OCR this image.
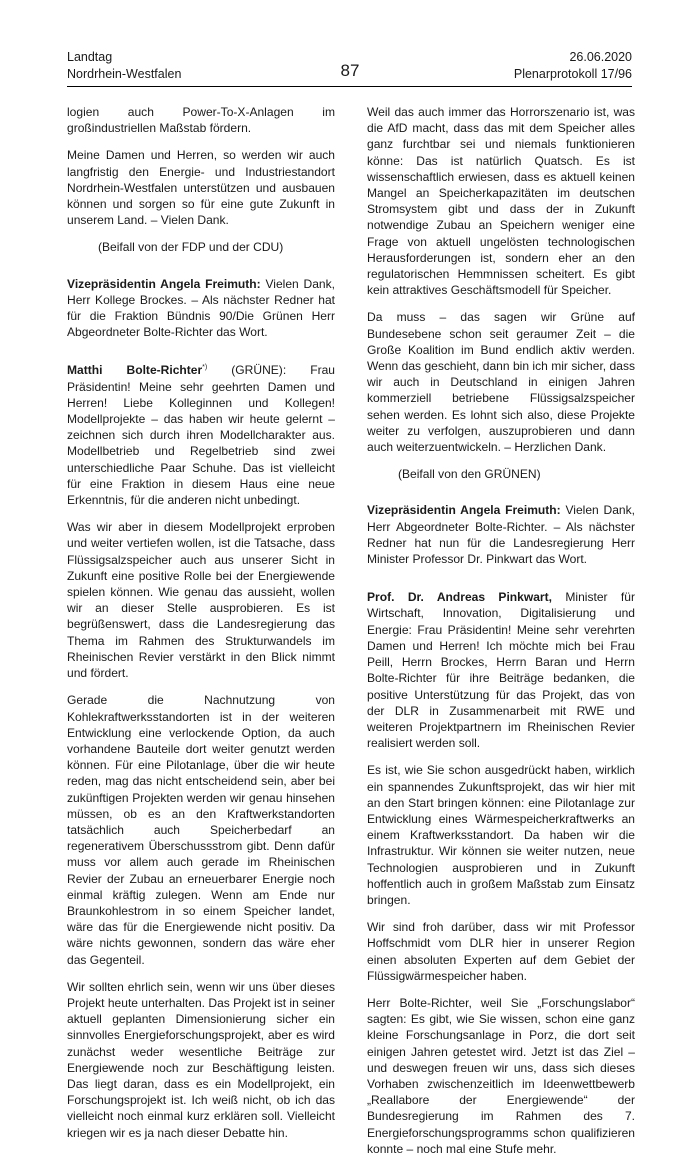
Landtag
Nordrhein-Westfalen	87
26.06.2020
Plenarprotokoll 17/96

logien auch Power-To-X-Anlagen im großindustriellen Maßstab fördern.

Meine Damen und Herren, so werden wir auch langfristig den Energie- und Industriestandort Nordrhein-Westfalen unterstützen und ausbauen können und sorgen so für eine gute Zukunft in unserem Land. – Vielen Dank.

(Beifall von der FDP und der CDU)

Vizepräsidentin Angela Freimuth: Vielen Dank, Herr Kollege Brockes. – Als nächster Redner hat für die Fraktion Bündnis 90/Die Grünen Herr Abgeordneter Bolte-Richter das Wort.

Matthi Bolte-Richter*) (GRÜNE): Frau Präsidentin! Meine sehr geehrten Damen und Herren! Liebe Kolleginnen und Kollegen! Modellprojekte – das haben wir heute gelernt – zeichnen sich durch ihren Modellcharakter aus. Modellbetrieb und Regelbetrieb sind zwei unterschiedliche Paar Schuhe. Das ist vielleicht für eine Fraktion in diesem Haus eine neue Erkenntnis, für die anderen nicht unbedingt.

Was wir aber in diesem Modellprojekt erproben und weiter vertiefen wollen, ist die Tatsache, dass Flüssigsalzspeicher auch aus unserer Sicht in Zukunft eine positive Rolle bei der Energiewende spielen können. Wie genau das aussieht, wollen wir an dieser Stelle ausprobieren. Es ist begrüßenswert, dass die Landesregierung das Thema im Rahmen des Strukturwandels im Rheinischen Revier verstärkt in den Blick nimmt und fördert.

Gerade die Nachnutzung von Kohlekraftwerksstandorten ist in der weiteren Entwicklung eine verlockende Option, da auch vorhandene Bauteile dort weiter genutzt werden können. Für eine Pilotanlage, über die wir heute reden, mag das nicht entscheidend sein, aber bei zukünftigen Projekten werden wir genau hinsehen müssen, ob es an den Kraftwerkstandorten tatsächlich auch Speicherbedarf an regenerativem Überschussstrom gibt. Denn dafür muss vor allem auch gerade im Rheinischen Revier der Zubau an erneuerbarer Energie noch einmal kräftig zulegen. Wenn am Ende nur Braunkohlestrom in so einem Speicher landet, wäre das für die Energiewende nicht positiv. Da wäre nichts gewonnen, sondern das wäre eher das Gegenteil.

Wir sollten ehrlich sein, wenn wir uns über dieses Projekt heute unterhalten. Das Projekt ist in seiner aktuell geplanten Dimensionierung sicher ein sinnvolles Energieforschungsprojekt, aber es wird zunächst weder wesentliche Beiträge zur Energiewende noch zur Beschäftigung leisten. Das liegt daran, dass es ein Modellprojekt, ein Forschungsprojekt ist. Ich weiß nicht, ob ich das vielleicht noch einmal kurz erklären soll. Vielleicht kriegen wir es ja nach dieser Debatte hin.

Weil das auch immer das Horrorszenario ist, was die AfD macht, dass das mit dem Speicher alles ganz furchtbar sei und niemals funktionieren könne: Das ist natürlich Quatsch. Es ist wissenschaftlich erwiesen, dass es aktuell keinen Mangel an Speicherkapazitäten im deutschen Stromsystem gibt und dass der in Zukunft notwendige Zubau an Speichern weniger eine Frage von aktuell ungelösten technologischen Herausforderungen ist, sondern eher an den regulatorischen Hemmnissen scheitert. Es gibt kein attraktives Geschäftsmodell für Speicher.

Da muss – das sagen wir Grüne auf Bundesebene schon seit geraumer Zeit – die Große Koalition im Bund endlich aktiv werden. Wenn das geschieht, dann bin ich mir sicher, dass wir auch in Deutschland in einigen Jahren kommerziell betriebene Flüssigsalzspeicher sehen werden. Es lohnt sich also, diese Projekte weiter zu verfolgen, auszuprobieren und dann auch weiterzuentwickeln. – Herzlichen Dank.

(Beifall von den GRÜNEN)

Vizepräsidentin Angela Freimuth: Vielen Dank, Herr Abgeordneter Bolte-Richter. – Als nächster Redner hat nun für die Landesregierung Herr Minister Professor Dr. Pinkwart das Wort.

Prof. Dr. Andreas Pinkwart, Minister für Wirtschaft, Innovation, Digitalisierung und Energie: Frau Präsidentin! Meine sehr verehrten Damen und Herren! Ich möchte mich bei Frau Peill, Herrn Brockes, Herrn Baran und Herrn Bolte-Richter für ihre Beiträge bedanken, die positive Unterstützung für das Projekt, das von der DLR in Zusammenarbeit mit RWE und weiteren Projektpartnern im Rheinischen Revier realisiert werden soll.

Es ist, wie Sie schon ausgedrückt haben, wirklich ein spannendes Zukunftsprojekt, das wir hier mit an den Start bringen können: eine Pilotanlage zur Entwicklung eines Wärmespeicherkraftwerks an einem Kraftwerksstandort. Da haben wir die Infrastruktur. Wir können sie weiter nutzen, neue Technologien ausprobieren und in Zukunft hoffentlich auch in großem Maßstab zum Einsatz bringen.

Wir sind froh darüber, dass wir mit Professor Hoffschmidt vom DLR hier in unserer Region einen absoluten Experten auf dem Gebiet der Flüssigwärmespeicher haben.

Herr Bolte-Richter, weil Sie „Forschungslabor“ sagten: Es gibt, wie Sie wissen, schon eine ganz kleine Forschungsanlage in Porz, die dort seit einigen Jahren getestet wird. Jetzt ist das Ziel – und deswegen freuen wir uns, dass sich dieses Vorhaben zwischenzeitlich im Ideenwettbewerb „Reallabore der Energiewende“ der Bundesregierung im Rahmen des 7. Energieforschungsprogramms schon qualifizieren konnte – noch mal eine Stufe mehr.
